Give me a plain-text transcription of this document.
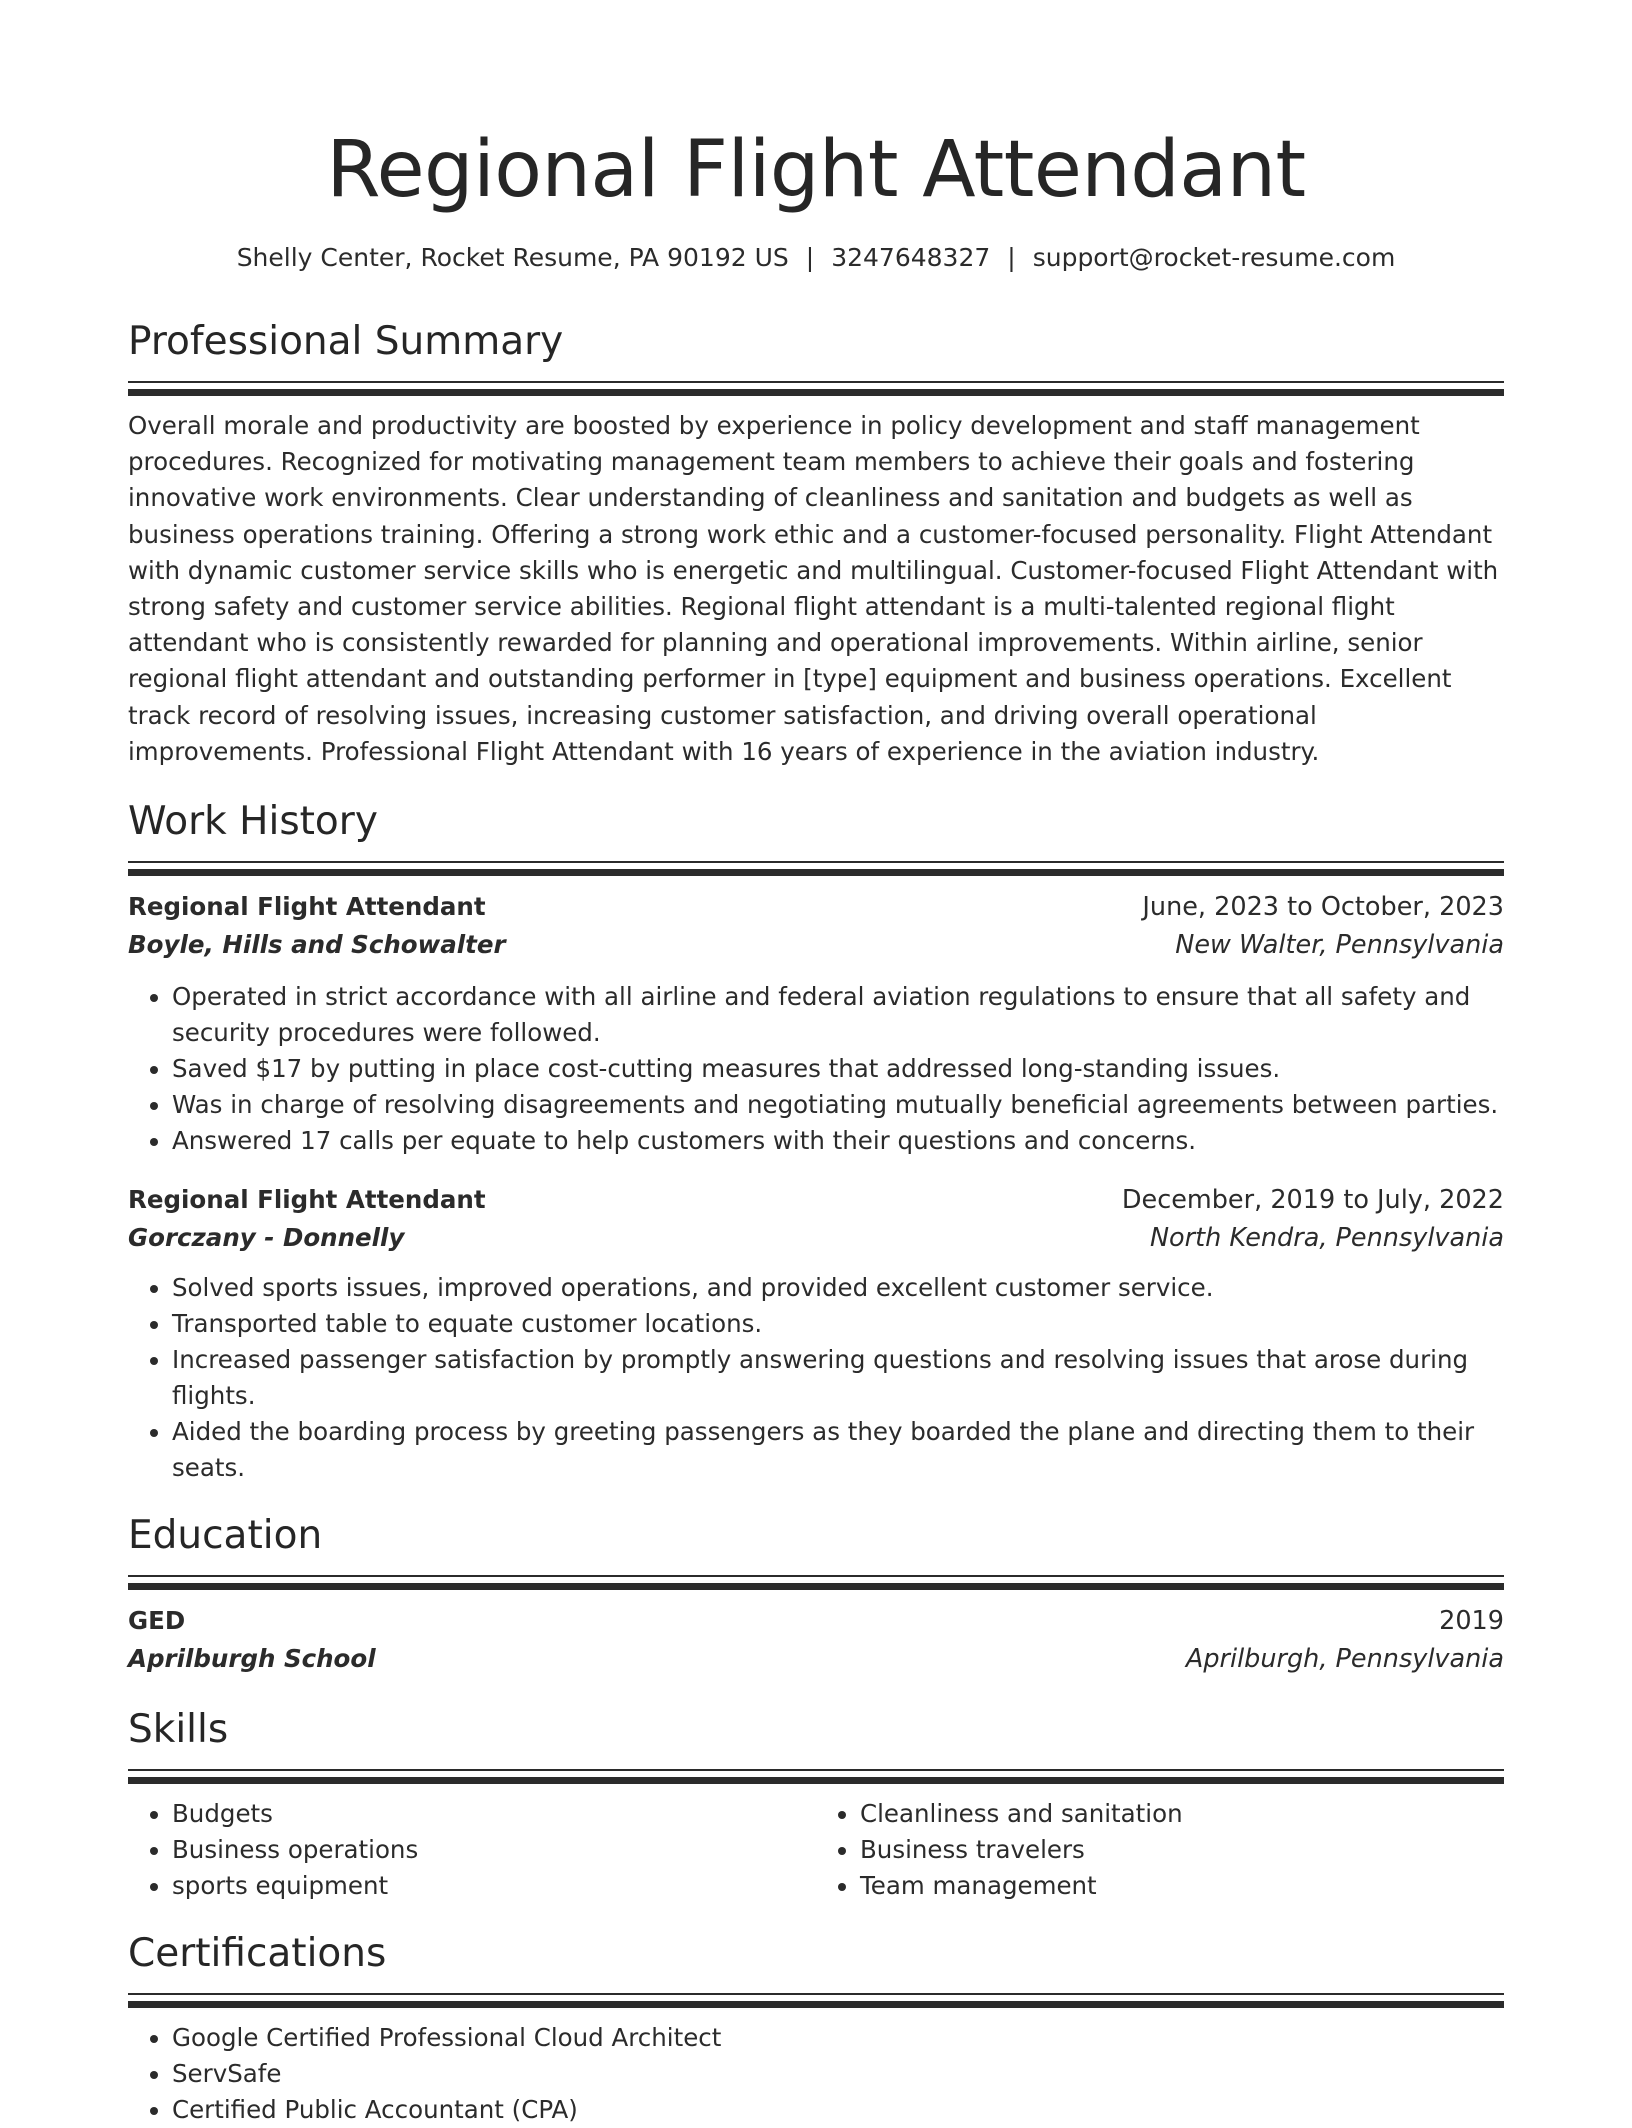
Regional Flight Attendant
Shelly Center, Rocket Resume, PA 90192 US | 3247648327 | support@rocket-resume.com
Professional Summary

Overall morale and productivity are boosted by experience in policy development and staff management procedures. Recognized for motivating management team members to achieve their goals and fostering innovative work environments. Clear understanding of cleanliness and sanitation and budgets as well as business operations training. Offering a strong work ethic and a customer-focused personality. Flight Attendant with dynamic customer service skills who is energetic and multilingual. Customer-focused Flight Attendant with strong safety and customer service abilities. Regional flight attendant is a multi-talented regional flight attendant who is consistently rewarded for planning and operational improvements. Within airline, senior regional flight attendant and outstanding performer in [type] equipment and business operations. Excellent track record of resolving issues, increasing customer satisfaction, and driving overall operational improvements. Professional Flight Attendant with 16 years of experience in the aviation industry.

Work History
Regional Flight Attendant	June, 2023 to October, 2023
Boyle, Hills and Schowalter	New Walter, Pennsylvania
• Operated in strict accordance with all airline and federal aviation regulations to ensure that all safety and security procedures were followed.
• Saved $17 by putting in place cost-cutting measures that addressed long-standing issues.
• Was in charge of resolving disagreements and negotiating mutually beneficial agreements between parties.
• Answered 17 calls per equate to help customers with their questions and concerns.
Regional Flight Attendant	December, 2019 to July, 2022
Gorczany - Donnelly	North Kendra, Pennsylvania
• Solved sports issues, improved operations, and provided excellent customer service.
• Transported table to equate customer locations.
• Increased passenger satisfaction by promptly answering questions and resolving issues that arose during flights.
• Aided the boarding process by greeting passengers as they boarded the plane and directing them to their seats.
Education
GED	2019
Aprilburgh School	Aprilburgh, Pennsylvania
Skills
• Budgets
• Business operations
• sports equipment
• Cleanliness and sanitation
• Business travelers
• Team management
Certifications
• Google Certified Professional Cloud Architect
• ServSafe
• Certified Public Accountant (CPA)
